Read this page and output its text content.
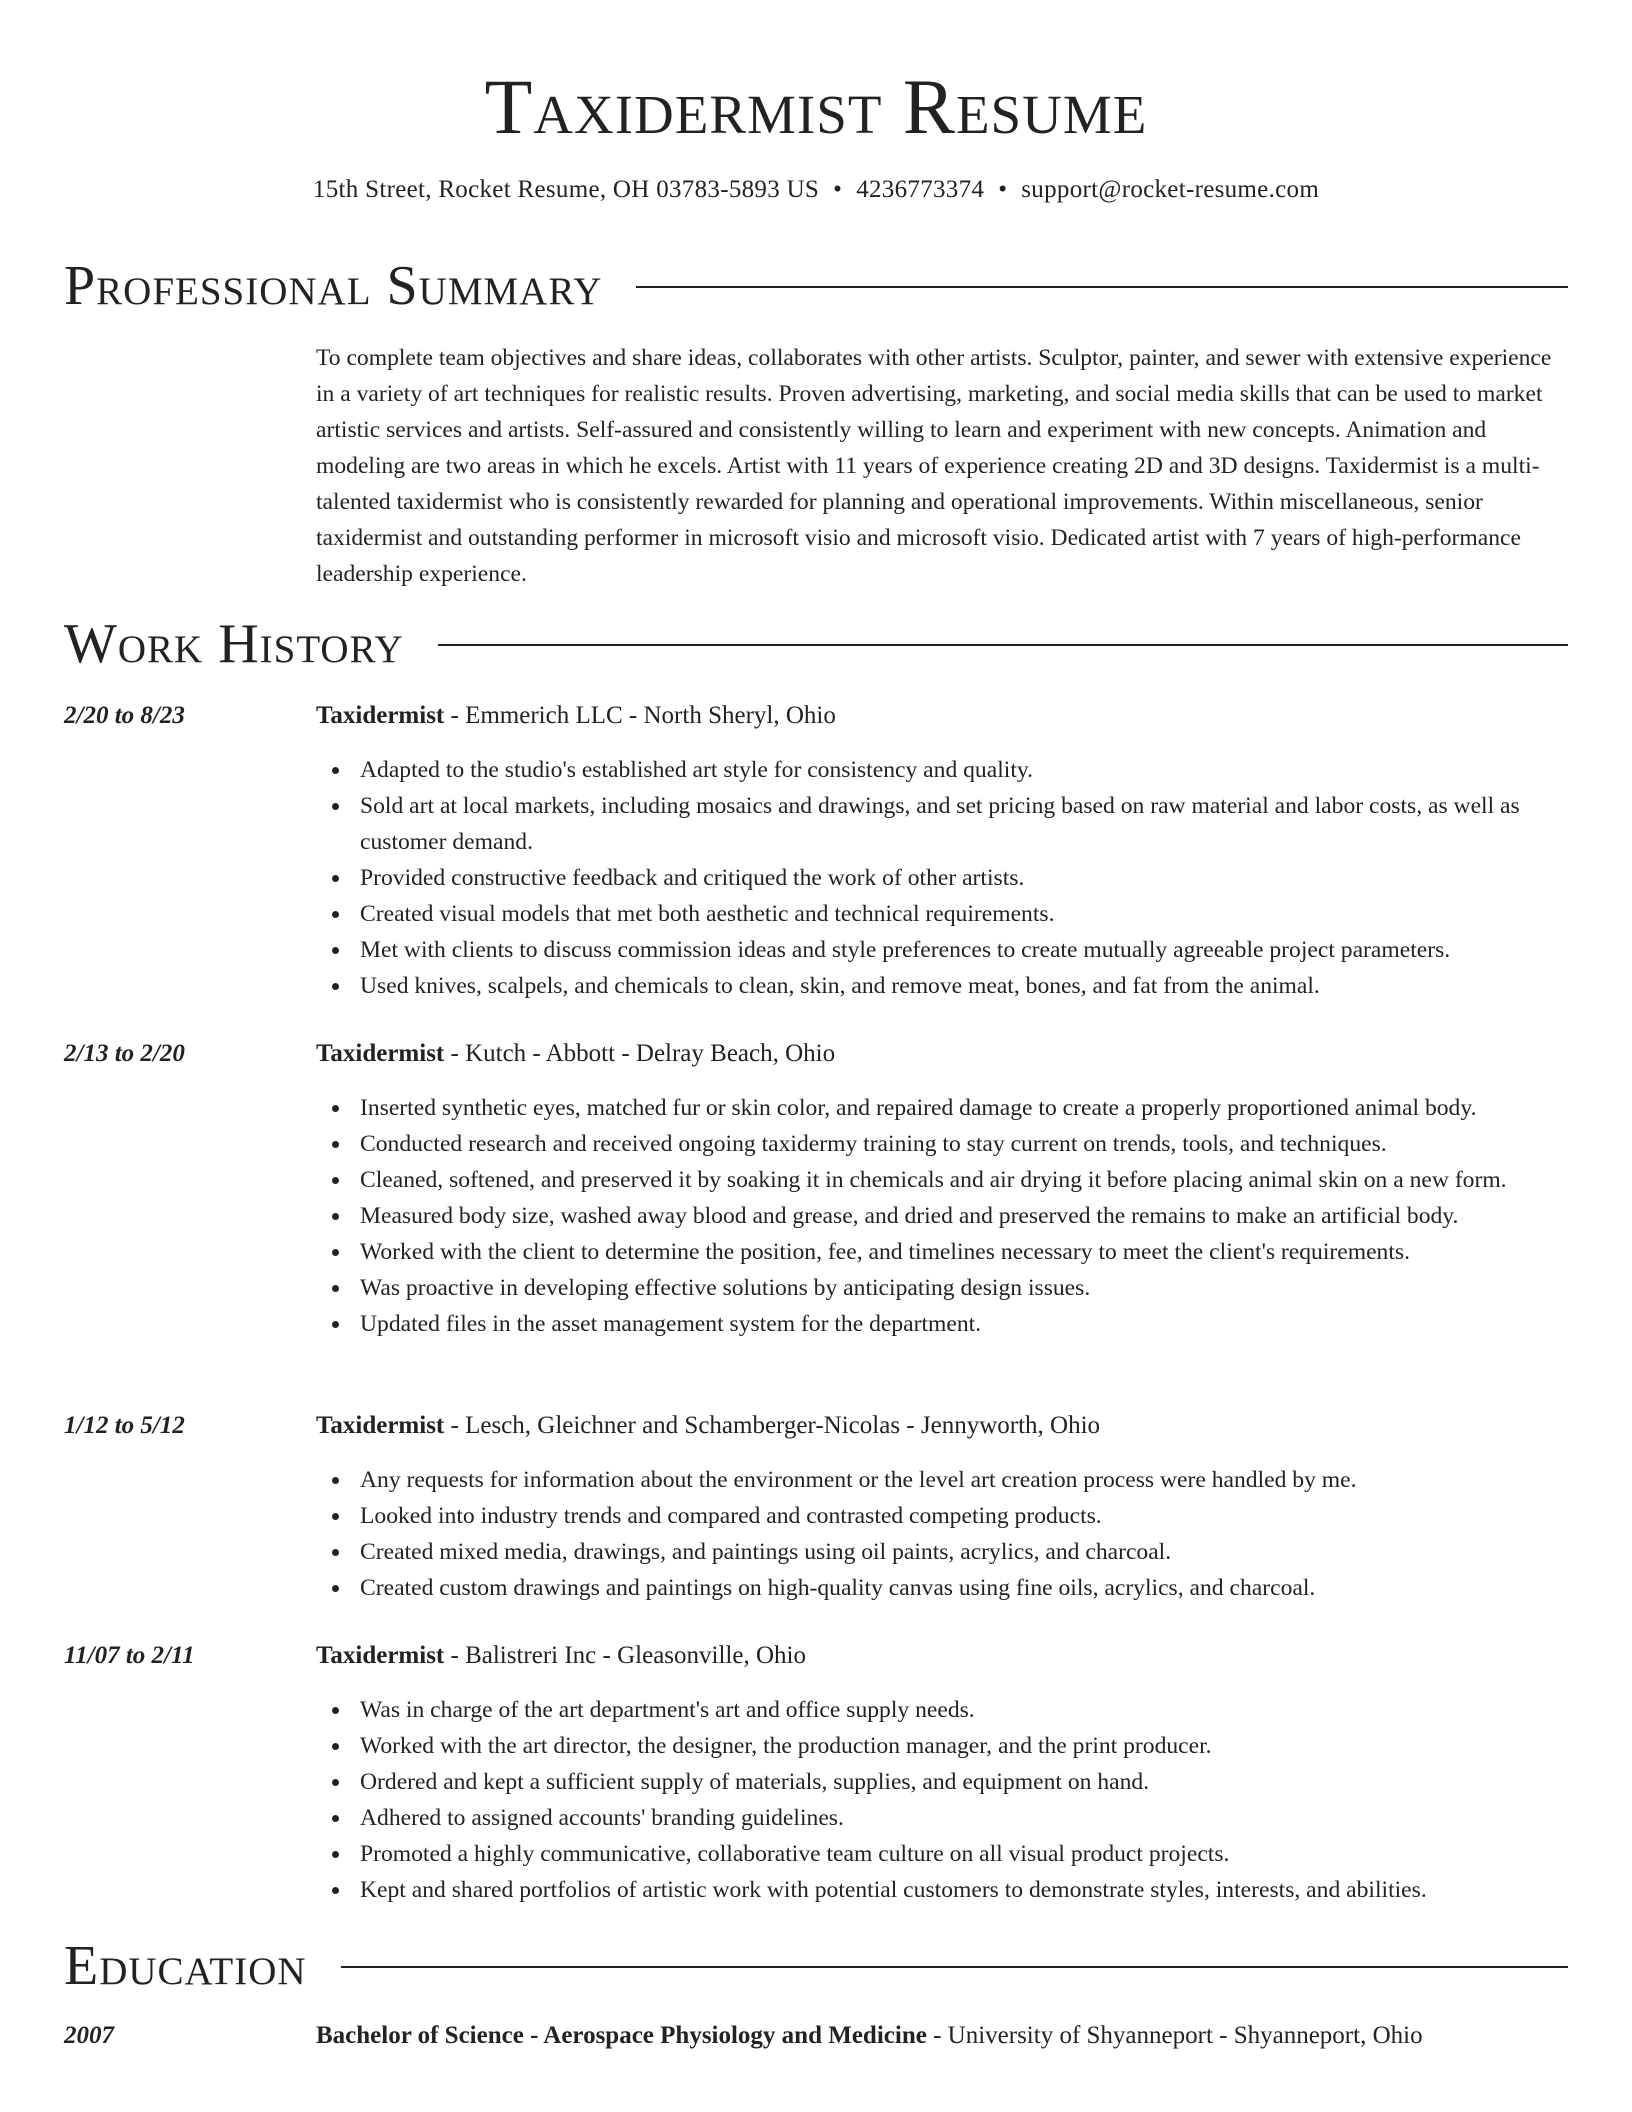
Taxidermist Resume
15th Street, Rocket Resume, OH 03783-5893 US • 4236773374 • support@rocket-resume.com
Professional Summary

To complete team objectives and share ideas, collaborates with other artists. Sculptor, painter, and sewer with extensive experience in a variety of art techniques for realistic results. Proven advertising, marketing, and social media skills that can be used to market artistic services and artists. Self-assured and consistently willing to learn and experiment with new concepts. Animation and modeling are two areas in which he excels. Artist with 11 years of experience creating 2D and 3D designs. Taxidermist is a multi-talented taxidermist who is consistently rewarded for planning and operational improvements. Within miscellaneous, senior taxidermist and outstanding performer in microsoft visio and microsoft visio. Dedicated artist with 7 years of high-performance leadership experience.

Work History
2/20 to 8/23	Taxidermist - Emmerich LLC - North Sheryl, Ohio
Adapted to the studio's established art style for consistency and quality.
Sold art at local markets, including mosaics and drawings, and set pricing based on raw material and labor costs, as well as customer demand.
Provided constructive feedback and critiqued the work of other artists.
Created visual models that met both aesthetic and technical requirements.
Met with clients to discuss commission ideas and style preferences to create mutually agreeable project parameters.
Used knives, scalpels, and chemicals to clean, skin, and remove meat, bones, and fat from the animal.
2/13 to 2/20	Taxidermist - Kutch - Abbott - Delray Beach, Ohio
Inserted synthetic eyes, matched fur or skin color, and repaired damage to create a properly proportioned animal body.
Conducted research and received ongoing taxidermy training to stay current on trends, tools, and techniques.
Cleaned, softened, and preserved it by soaking it in chemicals and air drying it before placing animal skin on a new form.
Measured body size, washed away blood and grease, and dried and preserved the remains to make an artificial body.
Worked with the client to determine the position, fee, and timelines necessary to meet the client's requirements.
Was proactive in developing effective solutions by anticipating design issues.
Updated files in the asset management system for the department.
1/12 to 5/12	Taxidermist - Lesch, Gleichner and Schamberger-Nicolas - Jennyworth, Ohio
Any requests for information about the environment or the level art creation process were handled by me.
Looked into industry trends and compared and contrasted competing products.
Created mixed media, drawings, and paintings using oil paints, acrylics, and charcoal.
Created custom drawings and paintings on high-quality canvas using fine oils, acrylics, and charcoal.
11/07 to 2/11	Taxidermist - Balistreri Inc - Gleasonville, Ohio
Was in charge of the art department's art and office supply needs.
Worked with the art director, the designer, the production manager, and the print producer.
Ordered and kept a sufficient supply of materials, supplies, and equipment on hand.
Adhered to assigned accounts' branding guidelines.
Promoted a highly communicative, collaborative team culture on all visual product projects.
Kept and shared portfolios of artistic work with potential customers to demonstrate styles, interests, and abilities.
Education
2007	Bachelor of Science - Aerospace Physiology and Medicine - University of Shyanneport - Shyanneport, Ohio
